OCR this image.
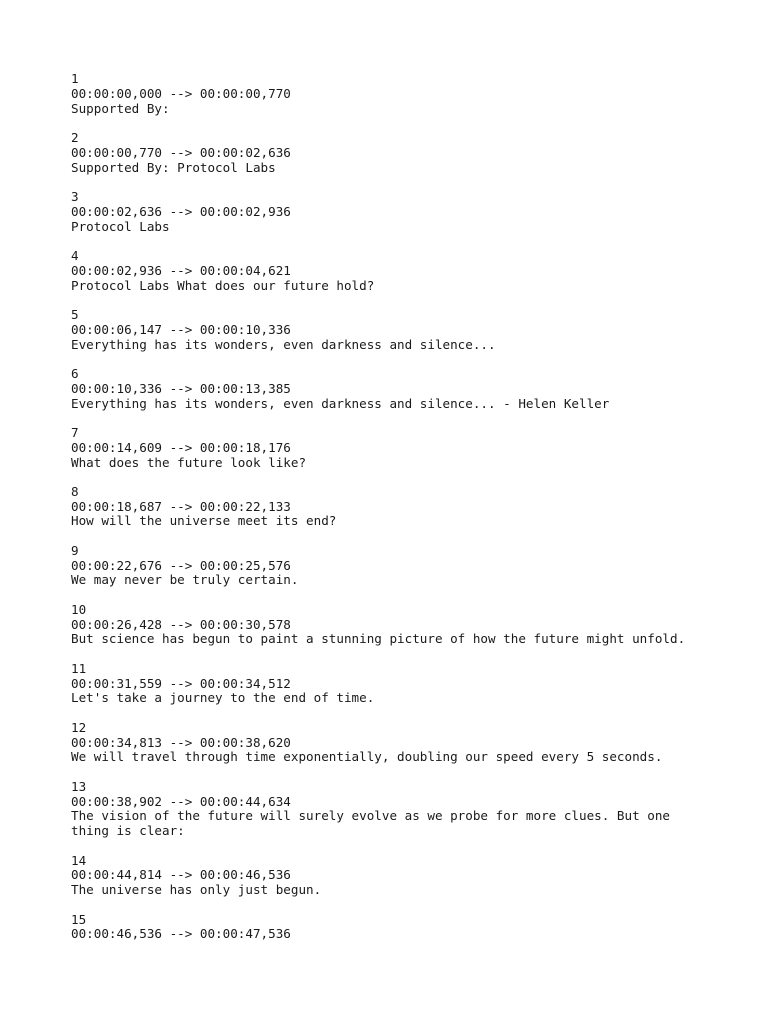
1
00:00:00,000 --> 00:00:00,770
Supported By:
2
00:00:00,770 --> 00:00:02,636
Supported By: Protocol Labs
3
00:00:02,636 --> 00:00:02,936
Protocol Labs
4
00:00:02,936 --> 00:00:04,621
Protocol Labs What does our future hold?
5
00:00:06,147 --> 00:00:10,336
Everything has its wonders, even darkness and silence...
6
00:00:10,336 --> 00:00:13,385
Everything has its wonders, even darkness and silence... - Helen Keller
7
00:00:14,609 --> 00:00:18,176
What does the future look like?
8
00:00:18,687 --> 00:00:22,133
How will the universe meet its end?
9
00:00:22,676 --> 00:00:25,576
We may never be truly certain.
10
00:00:26,428 --> 00:00:30,578
But science has begun to paint a stunning picture of how the future might unfold.
11
00:00:31,559 --> 00:00:34,512
Let's take a journey to the end of time.
12
00:00:34,813 --> 00:00:38,620
We will travel through time exponentially, doubling our speed every 5 seconds.
13
00:00:38,902 --> 00:00:44,634
The vision of the future will surely evolve as we probe for more clues. But one
thing is clear:
14
00:00:44,814 --> 00:00:46,536
The universe has only just begun.
15
00:00:46,536 --> 00:00:47,536
